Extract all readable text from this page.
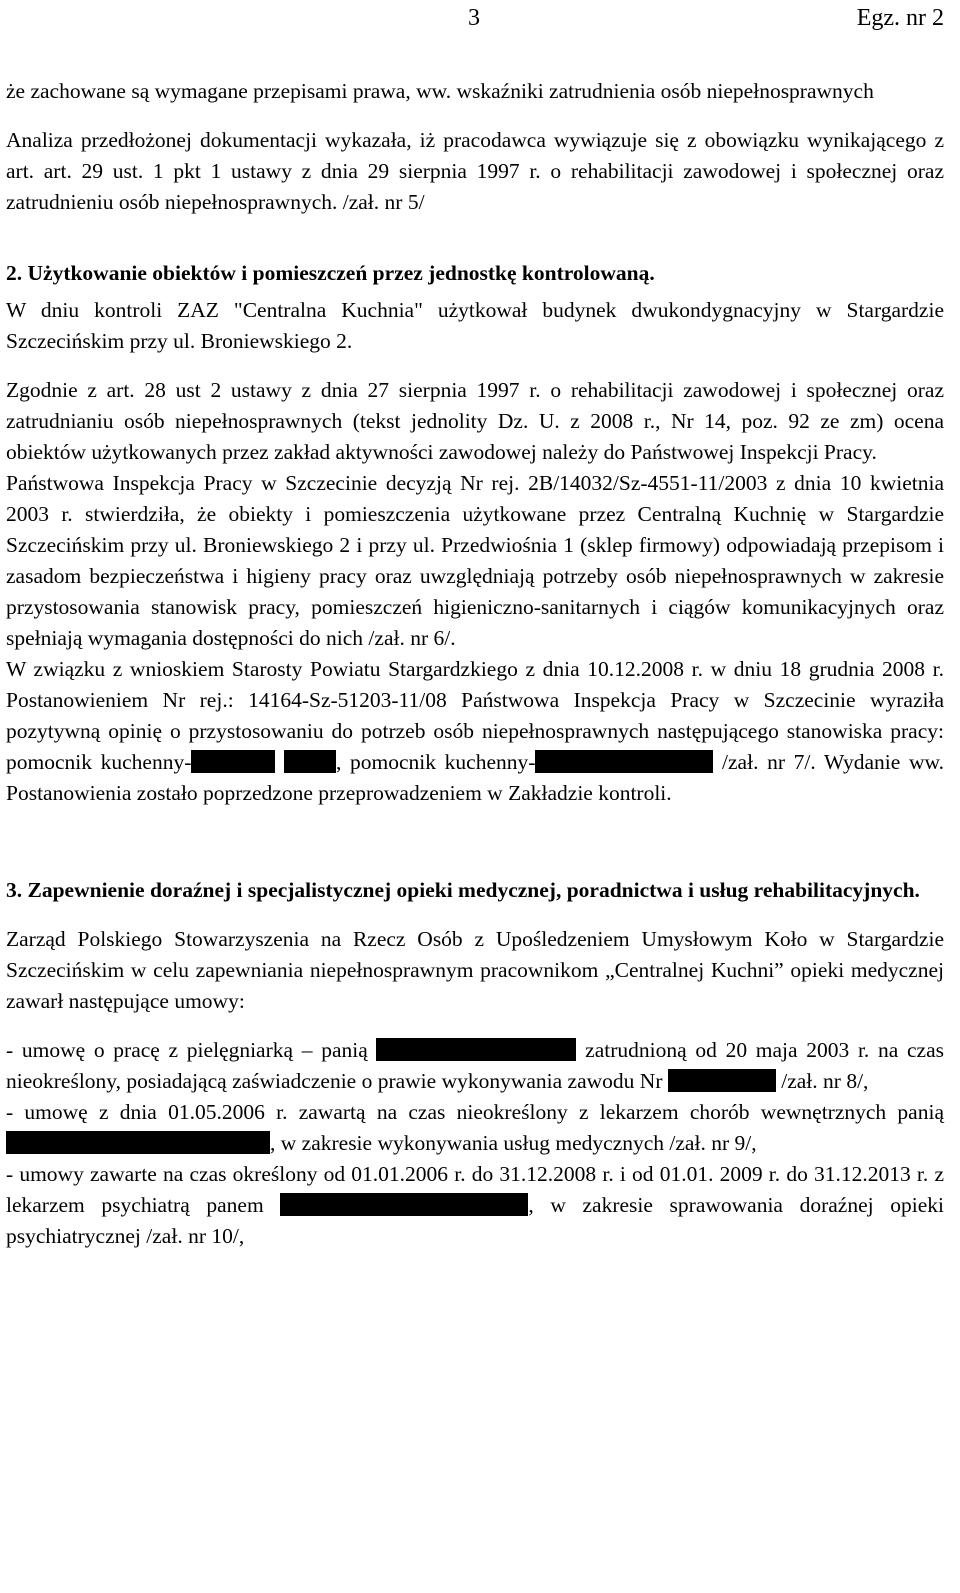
3	Egz. nr 2

że zachowane są wymagane przepisami prawa, ww. wskaźniki zatrudnienia osób niepełnosprawnych

Analiza przedłożonej dokumentacji wykazała, iż pracodawca wywiązuje się z obowiązku wynikającego z art. art. 29 ust. 1 pkt 1 ustawy z dnia 29 sierpnia 1997 r. o rehabilitacji zawodowej i społecznej oraz zatrudnieniu osób niepełnosprawnych. /zał. nr 5/

2. Użytkowanie obiektów i pomieszczeń przez jednostkę kontrolowaną.

W dniu kontroli ZAZ "Centralna Kuchnia" użytkował budynek dwukondygnacyjny w Stargardzie Szczecińskim przy ul. Broniewskiego 2.

Zgodnie z art. 28 ust 2 ustawy z dnia 27 sierpnia 1997 r. o rehabilitacji zawodowej i społecznej oraz zatrudnianiu osób niepełnosprawnych (tekst jednolity Dz. U. z 2008 r., Nr 14, poz. 92 ze zm) ocena obiektów użytkowanych przez zakład aktywności zawodowej należy do Państwowej Inspekcji Pracy.

Państwowa Inspekcja Pracy w Szczecinie decyzją Nr rej. 2B/14032/Sz-4551-11/2003 z dnia 10 kwietnia 2003 r. stwierdziła, że obiekty i pomieszczenia użytkowane przez Centralną Kuchnię w Stargardzie Szczecińskim przy ul. Broniewskiego 2 i przy ul. Przedwiośnia 1 (sklep firmowy) odpowiadają przepisom i zasadom bezpieczeństwa i higieny pracy oraz uwzględniają potrzeby osób niepełnosprawnych w zakresie przystosowania stanowisk pracy, pomieszczeń higieniczno-sanitarnych i ciągów komunikacyjnych oraz spełniają wymagania dostępności do nich /zał. nr 6/.

W związku z wnioskiem Starosty Powiatu Stargardzkiego z dnia 10.12.2008 r. w dniu 18 grudnia 2008 r. Postanowieniem Nr rej.: 14164-Sz-51203-11/08 Państwowa Inspekcja Pracy w Szczecinie wyraziła pozytywną opinię o przystosowaniu do potrzeb osób niepełnosprawnych następującego stanowiska pracy: pomocnik kuchenny-	, pomocnik kuchenny-	/zał. nr 7/. Wydanie ww. Postanowienia zostało poprzedzone przeprowadzeniem w Zakładzie kontroli.

3. Zapewnienie doraźnej i specjalistycznej opieki medycznej, poradnictwa i usług rehabilitacyjnych.

Zarząd Polskiego Stowarzyszenia na Rzecz Osób z Upośledzeniem Umysłowym Koło w Stargardzie Szczecińskim w celu zapewniania niepełnosprawnym pracownikom „Centralnej Kuchni” opieki medycznej zawarł następujące umowy:

- umowę o pracę z pielęgniarką – panią	zatrudnioną od 20 maja 2003 r. na czas nieokreślony, posiadającą zaświadczenie o prawie wykonywania zawodu Nr	/zał. nr 8/,

- umowę z dnia 01.05.2006 r. zawartą na czas nieokreślony z lekarzem chorób wewnętrznych panią , w zakresie wykonywania usług medycznych /zał. nr 9/,

- umowy zawarte na czas określony od 01.01.2006 r. do 31.12.2008 r. i od 01.01. 2009 r. do 31.12.2013 r. z lekarzem psychiatrą panem	, w zakresie sprawowania doraźnej opieki psychiatrycznej /zał. nr 10/,
